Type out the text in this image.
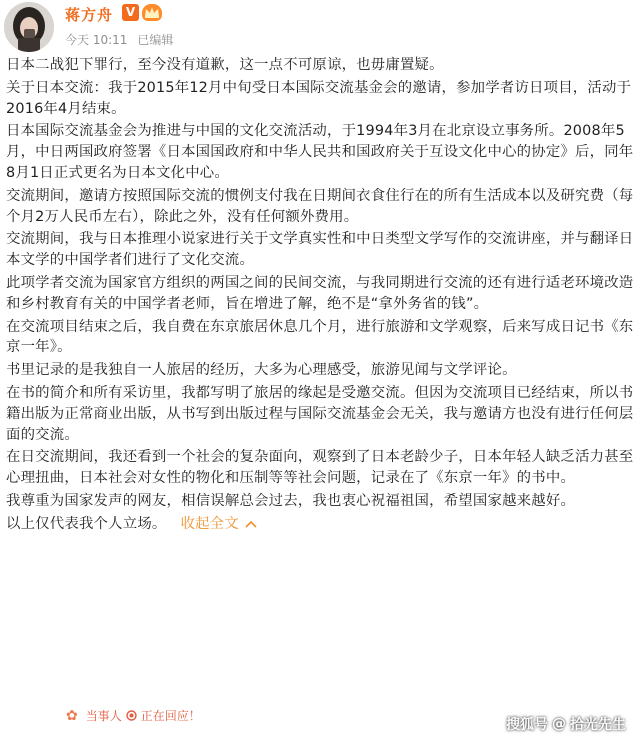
蒋方舟	V
今天 10:11 已编辑

日本二战犯下罪行，至今没有道歉，这一点不可原谅，也毋庸置疑。

关于日本交流：我于2015年12月中旬受日本国际交流基金会的邀请，参加学者访日项目，活动于2016年4月结束。

日本国际交流基金会为推进与中国的文化交流活动，于1994年3月在北京设立事务所。2008年5月，中日两国政府签署《日本国国政府和中华人民共和国政府关于互设文化中心的协定》后，同年8月1日正式更名为日本文化中心。

交流期间，邀请方按照国际交流的惯例支付我在日期间衣食住行在的所有生活成本以及研究费（每个月2万人民币左右），除此之外，没有任何额外费用。

交流期间，我与日本推理小说家进行关于文学真实性和中日类型文学写作的交流讲座，并与翻译日本文学的中国学者们进行了文化交流。

此项学者交流为国家官方组织的两国之间的民间交流，与我同期进行交流的还有进行适老环境改造和乡村教育有关的中国学者老师，旨在增进了解，绝不是“拿外务省的钱”。

在交流项目结束之后，我自费在东京旅居休息几个月，进行旅游和文学观察，后来写成日记书《东京一年》。

书里记录的是我独自一人旅居的经历，大多为心理感受，旅游见闻与文学评论。

在书的简介和所有采访里，我都写明了旅居的缘起是受邀交流。但因为交流项目已经结束，所以书籍出版为正常商业出版，从书写到出版过程与国际交流基金会无关，我与邀请方也没有进行任何层面的交流。

在日交流期间，我还看到一个社会的复杂面向，观察到了日本老龄少子，日本年轻人缺乏活力甚至心理扭曲，日本社会对女性的物化和压制等等社会问题，记录在了《东京一年》的书中。

我尊重为国家发声的网友，相信误解总会过去，我也衷心祝福祖国，希望国家越来越好。

以上仅代表我个人立场。 收起全文

✿ 当事人 正在回应！
搜狐号 @ 拾光先生
